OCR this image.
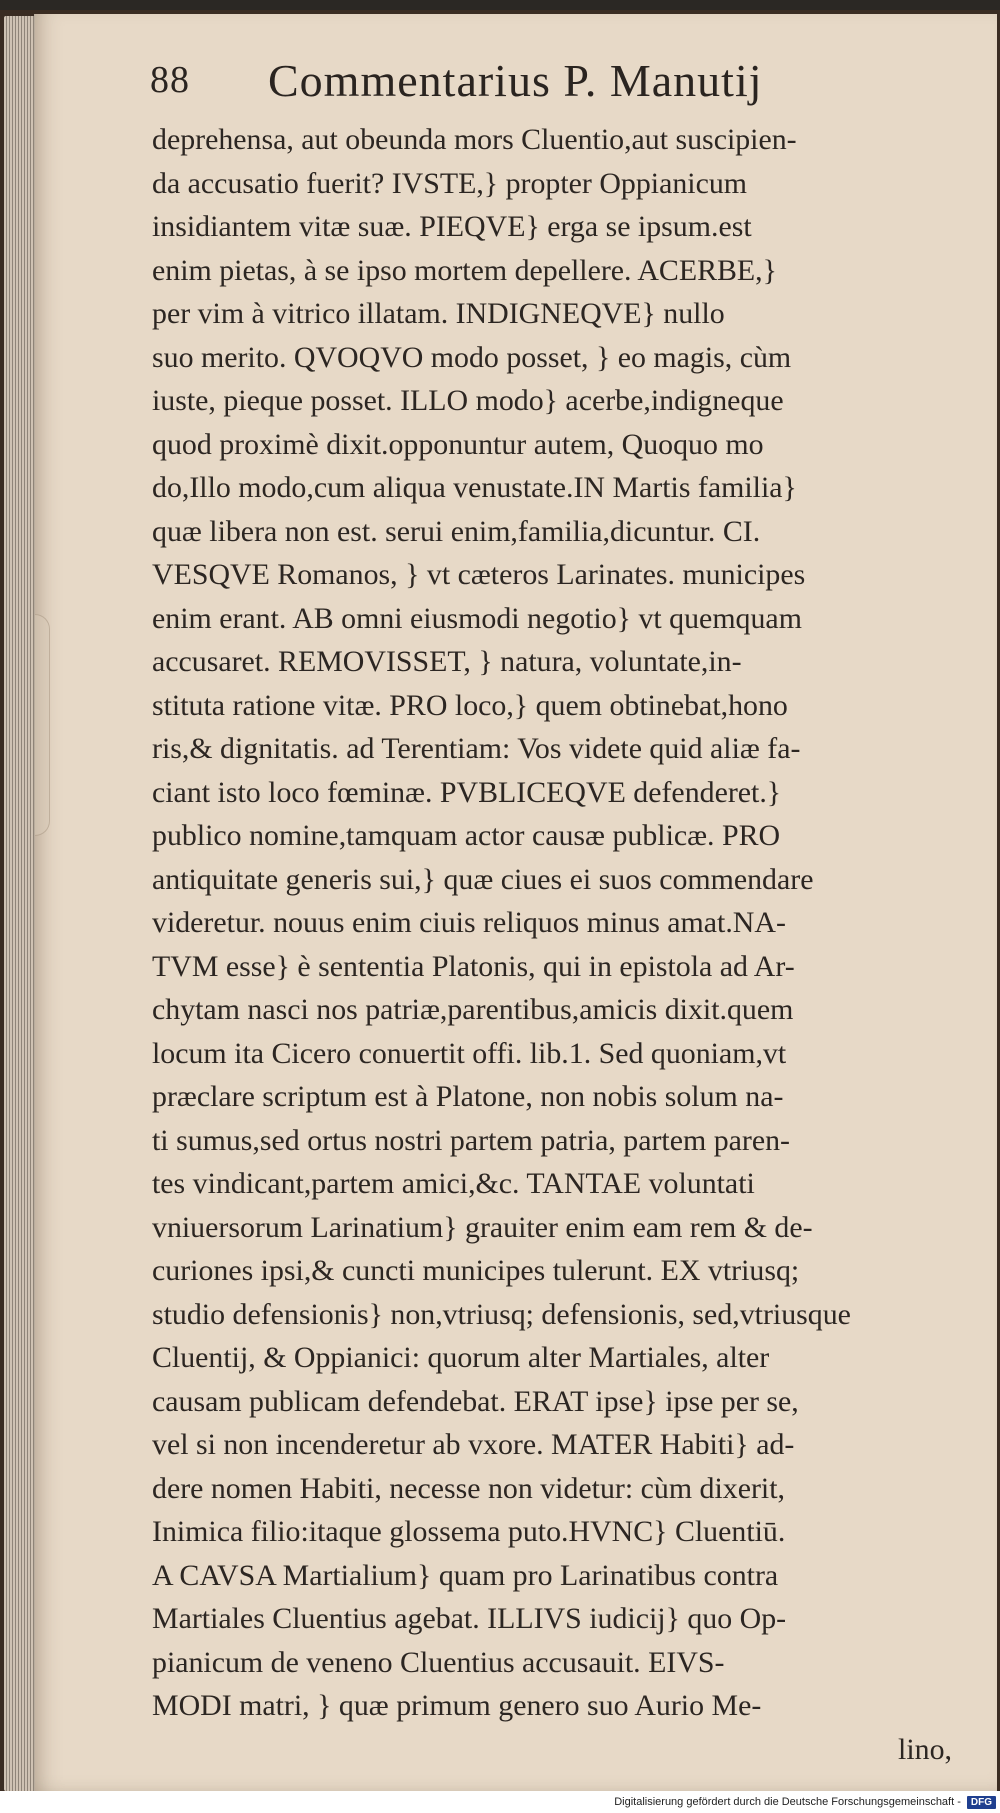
88 Commentarius P. Manutij
deprehensa, aut obeunda mors Cluentio,aut suscipien-
da accusatio fuerit? IVSTE,} propter Oppianicum
insidiantem vitæ suæ. PIEQVE} erga se ipsum.est
enim pietas, à se ipso mortem depellere. ACERBE,}
per vim à vitrico illatam. INDIGNEQVE} nullo
suo merito. QVOQVO modo posset, } eo magis, cùm
iuste, pieque posset. ILLO modo} acerbe,indigneque
quod proximè dixit.opponuntur autem, Quoquo mo
do,Illo modo,cum aliqua venustate.IN Martis familia}
quæ libera non est. serui enim,familia,dicuntur. CI.
VESQVE Romanos, } vt cæteros Larinates. municipes
enim erant. AB omni eiusmodi negotio} vt quemquam
accusaret. REMOVISSET, } natura, voluntate,in-
stituta ratione vitæ. PRO loco,} quem obtinebat,hono
ris,& dignitatis. ad Terentiam: Vos videte quid aliæ fa-
ciant isto loco fœminæ. PVBLICEQVE defenderet.}
publico nomine,tamquam actor causæ publicæ. PRO
antiquitate generis sui,} quæ ciues ei suos commendare
videretur. nouus enim ciuis reliquos minus amat.NA-
TVM esse} è sententia Platonis, qui in epistola ad Ar-
chytam nasci nos patriæ,parentibus,amicis dixit.quem
locum ita Cicero conuertit offi. lib.1. Sed quoniam,vt
præclare scriptum est à Platone, non nobis solum na-
ti sumus,sed ortus nostri partem patria, partem paren-
tes vindicant,partem amici,&c. TANTAE voluntati
vniuersorum Larinatium} grauiter enim eam rem & de-
curiones ipsi,& cuncti municipes tulerunt. EX vtriusq;
studio defensionis} non,vtriusq; defensionis, sed,vtriusque
Cluentij, & Oppianici: quorum alter Martiales, alter
causam publicam defendebat. ERAT ipse} ipse per se,
vel si non incenderetur ab vxore. MATER Habiti} ad-
dere nomen Habiti, necesse non videtur: cùm dixerit,
Inimica filio:itaque glossema puto.HVNC} Cluentiū.
A CAVSA Martialium} quam pro Larinatibus contra
Martiales Cluentius agebat. ILLIVS iudicij} quo Op-
pianicum de veneno Cluentius accusauit. EIVS-
MODI matri, } quæ primum genero suo Aurio Me-
lino,
Digitalisierung gefördert durch die Deutsche Forschungsgemeinschaft -	DFG
